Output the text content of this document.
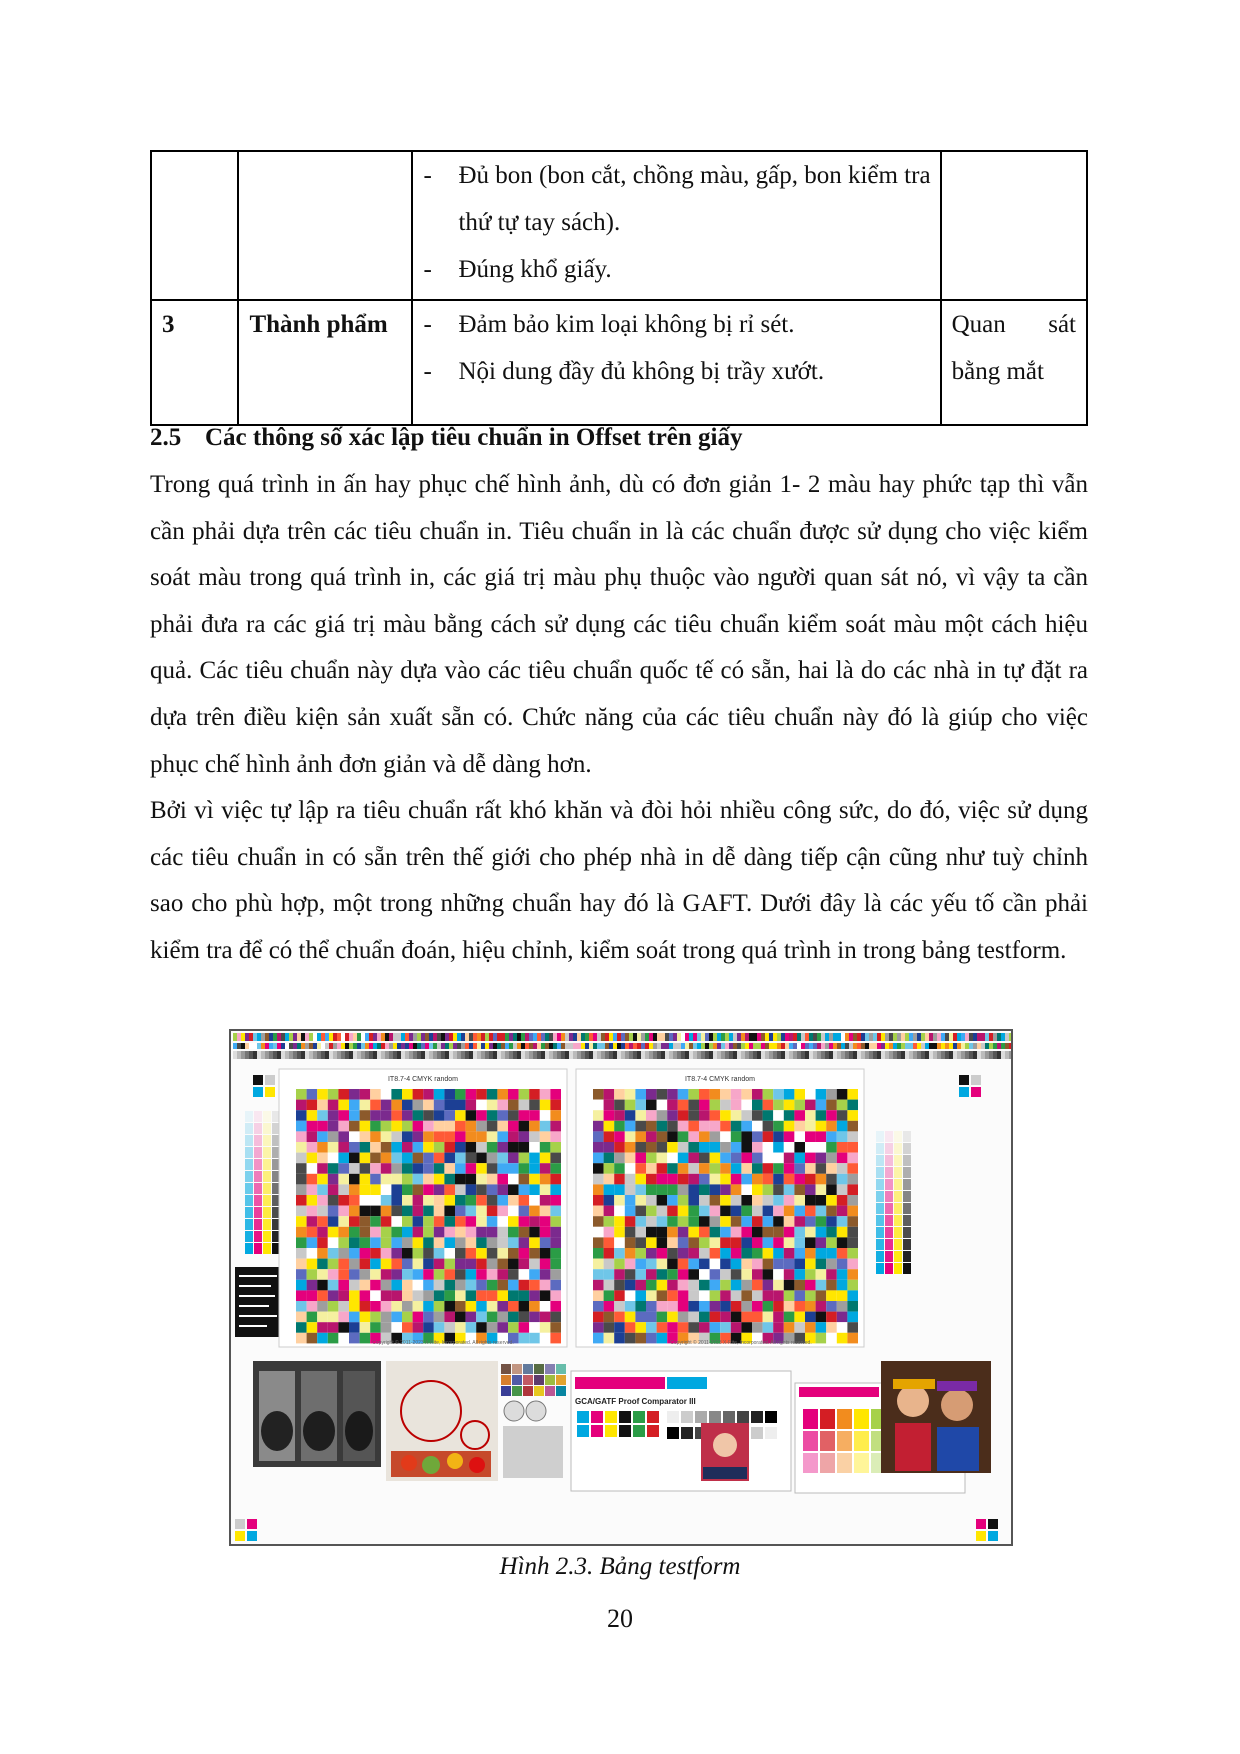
		- Đủ bon (bon cắt, chồng màu, gấp, bon kiểm tra thứ tự tay sách).
- Đúng khổ giấy.	

3	Thành phẩm	- Đảm bảo kim loại không bị rỉ sét.
- Nội dung đầy đủ không bị trầy xướt.	Quan sát bằng mắt
2.5 Các thông số xác lập tiêu chuẩn in Offset trên giấy

Trong quá trình in ấn hay phục chế hình ảnh, dù có đơn giản 1- 2 màu hay phức tạp thì vẫn cần phải dựa trên các tiêu chuẩn in. Tiêu chuẩn in là các chuẩn được sử dụng cho việc kiểm soát màu trong quá trình in, các giá trị màu phụ thuộc vào người quan sát nó, vì vậy ta cần phải đưa ra các giá trị màu bằng cách sử dụng các tiêu chuẩn kiểm soát màu một cách hiệu quả. Các tiêu chuẩn này dựa vào các tiêu chuẩn quốc tế có sẵn, hai là do các nhà in tự đặt ra dựa trên điều kiện sản xuất sẵn có. Chức năng của các tiêu chuẩn này đó là giúp cho việc phục chế hình ảnh đơn giản và dễ dàng hơn.

Bởi vì việc tự lập ra tiêu chuẩn rất khó khăn và đòi hỏi nhiều công sức, do đó, việc sử dụng các tiêu chuẩn in có sẵn trên thế giới cho phép nhà in dễ dàng tiếp cận cũng như tuỳ chỉnh sao cho phù hợp, một trong những chuẩn hay đó là GAFT. Dưới đây là các yếu tố cần phải kiểm tra để có thể chuẩn đoán, hiệu chỉnh, kiểm soát trong quá trình in trong bảng testform.

IT8.7-4 CMYK random	IT8.7-4 CMYK random
Copyright © 2011-2023 X-Rite, Incorporated. All rights reserved.	Copyright © 2011-2023 X-Rite, Incorporated. All rights reserved.
GCA/GATF Proof Comparator III
Hình 2.3. Bảng testform
20
